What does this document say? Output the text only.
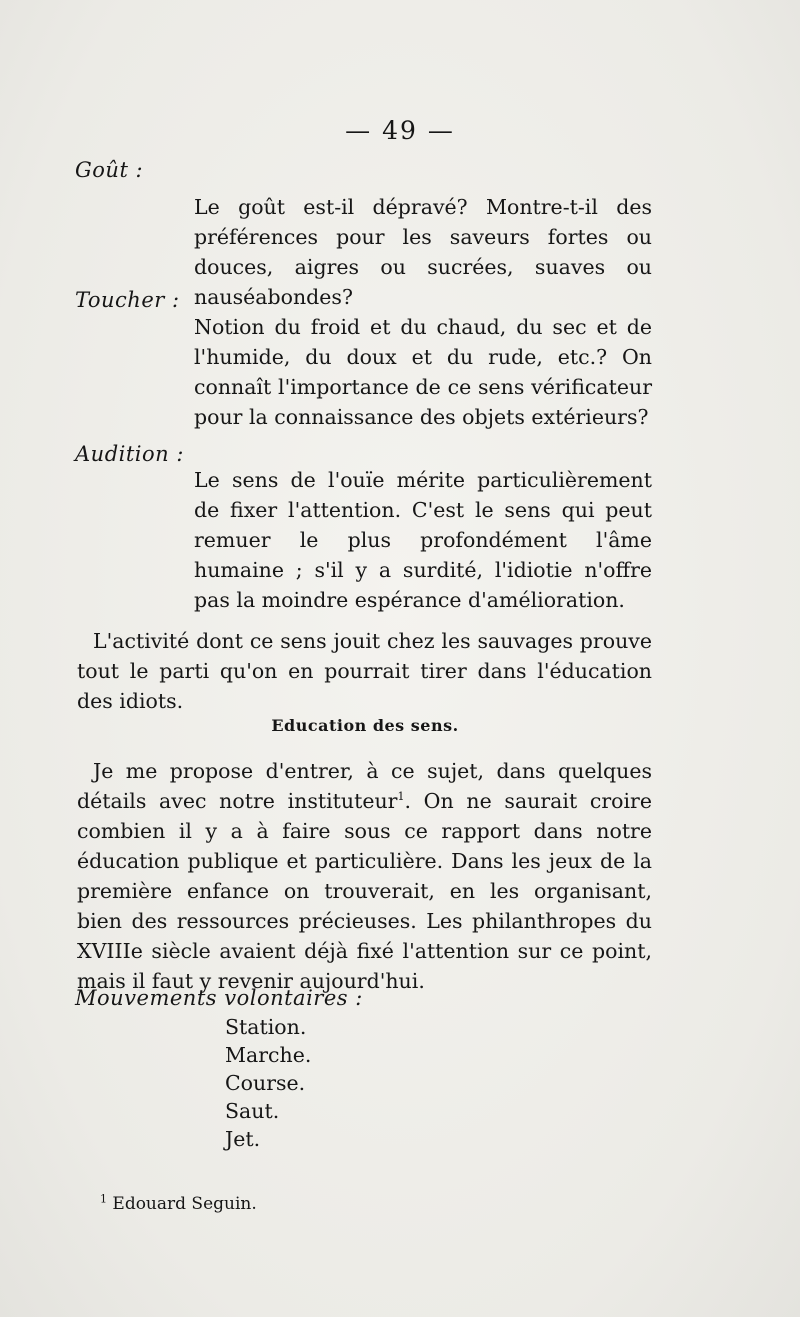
— 49 —
Goût :
Le goût est-il dépravé? Montre-t-il des préférences pour les saveurs fortes ou douces, aigres ou sucrées, suaves ou nauséabondes?
Toucher :
Notion du froid et du chaud, du sec et de l'humide, du doux et du rude, etc.? On connaît l'importance de ce sens vérificateur pour la connaissance des objets extérieurs?
Audition :
Le sens de l'ouïe mérite particulièrement de fixer l'attention. C'est le sens qui peut remuer le plus profondément l'âme humaine ; s'il y a surdité, l'idiotie n'offre pas la moindre espérance d'amélioration.
L'activité dont ce sens jouit chez les sauvages prouve tout le parti qu'on en pourrait tirer dans l'éducation des idiots.
Education des sens.
Je me propose d'entrer, à ce sujet, dans quelques détails avec notre instituteur$^1$. On ne saurait croire combien il y a à faire sous ce rapport dans notre éducation publique et particulière. Dans les jeux de la première enfance on trouverait, en les organisant, bien des ressources précieuses. Les philanthropes du XVIIIe siècle avaient déjà fixé l'attention sur ce point, mais il faut y revenir aujourd'hui.
Mouvements volontaires :
Station.
Marche.
Course.
Saut.
Jet.
$^1$ Edouard Seguin.
